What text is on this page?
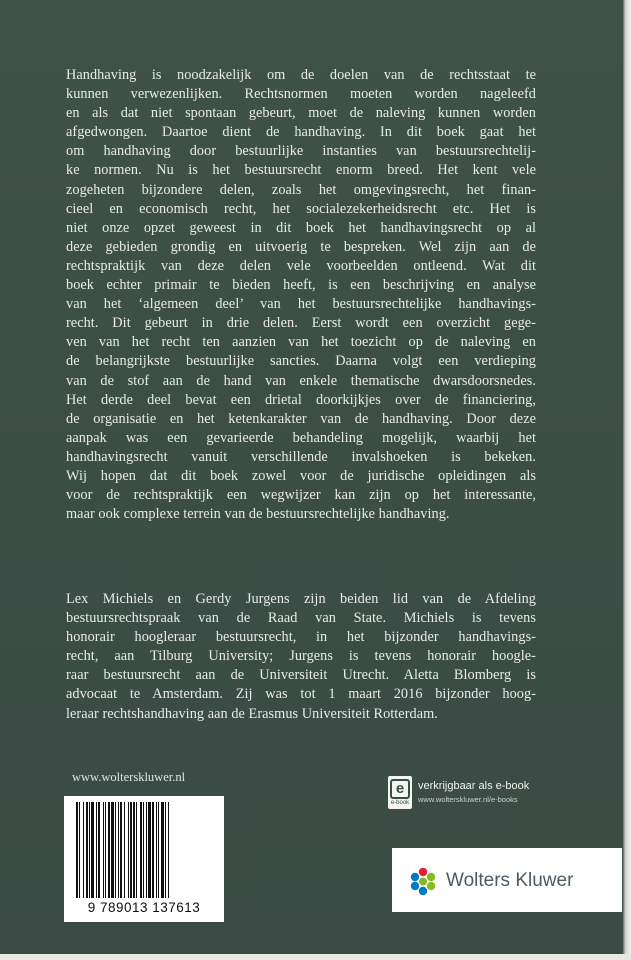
Handhaving is noodzakelijk om de doelen van de rechtsstaat te
kunnen verwezenlijken. Rechtsnormen moeten worden nageleefd
en als dat niet spontaan gebeurt, moet de naleving kunnen worden
afgedwongen. Daartoe dient de handhaving. In dit boek gaat het
om handhaving door bestuurlijke instanties van bestuursrechtelij-
ke normen. Nu is het bestuursrecht enorm breed. Het kent vele
zogeheten bijzondere delen, zoals het omgevingsrecht, het finan-
cieel en economisch recht, het socialezekerheidsrecht etc. Het is
niet onze opzet geweest in dit boek het handhavingsrecht op al
deze gebieden grondig en uitvoerig te bespreken. Wel zijn aan de
rechtspraktijk van deze delen vele voorbeelden ontleend. Wat dit
boek echter primair te bieden heeft, is een beschrijving en analyse
van het ‘algemeen deel’ van het bestuursrechtelijke handhavings-
recht. Dit gebeurt in drie delen. Eerst wordt een overzicht gege-
ven van het recht ten aanzien van het toezicht op de naleving en
de belangrijkste bestuurlijke sancties. Daarna volgt een verdieping
van de stof aan de hand van enkele thematische dwarsdoorsnedes.
Het derde deel bevat een drietal doorkijkjes over de financiering,
de organisatie en het ketenkarakter van de handhaving. Door deze
aanpak was een gevarieerde behandeling mogelijk, waarbij het
handhavingsrecht vanuit verschillende invalshoeken is bekeken.
Wij hopen dat dit boek zowel voor de juridische opleidingen als
voor de rechtspraktijk een wegwijzer kan zijn op het interessante,
maar ook complexe terrein van de bestuursrechtelijke handhaving.
Lex Michiels en Gerdy Jurgens zijn beiden lid van de Afdeling
bestuursrechtspraak van de Raad van State. Michiels is tevens
honorair hoogleraar bestuursrecht, in het bijzonder handhavings-
recht, aan Tilburg University; Jurgens is tevens honorair hoogle-
raar bestuursrecht aan de Universiteit Utrecht. Aletta Blomberg is
advocaat te Amsterdam. Zij was tot 1 maart 2016 bijzonder hoog-
leraar rechtshandhaving aan de Erasmus Universiteit Rotterdam.
www.wolterskluwer.nl
9 789013 137613
e
e-book
verkrijgbaar als e-book
www.wolterskluwer.nl/e-books
Wolters Kluwer
